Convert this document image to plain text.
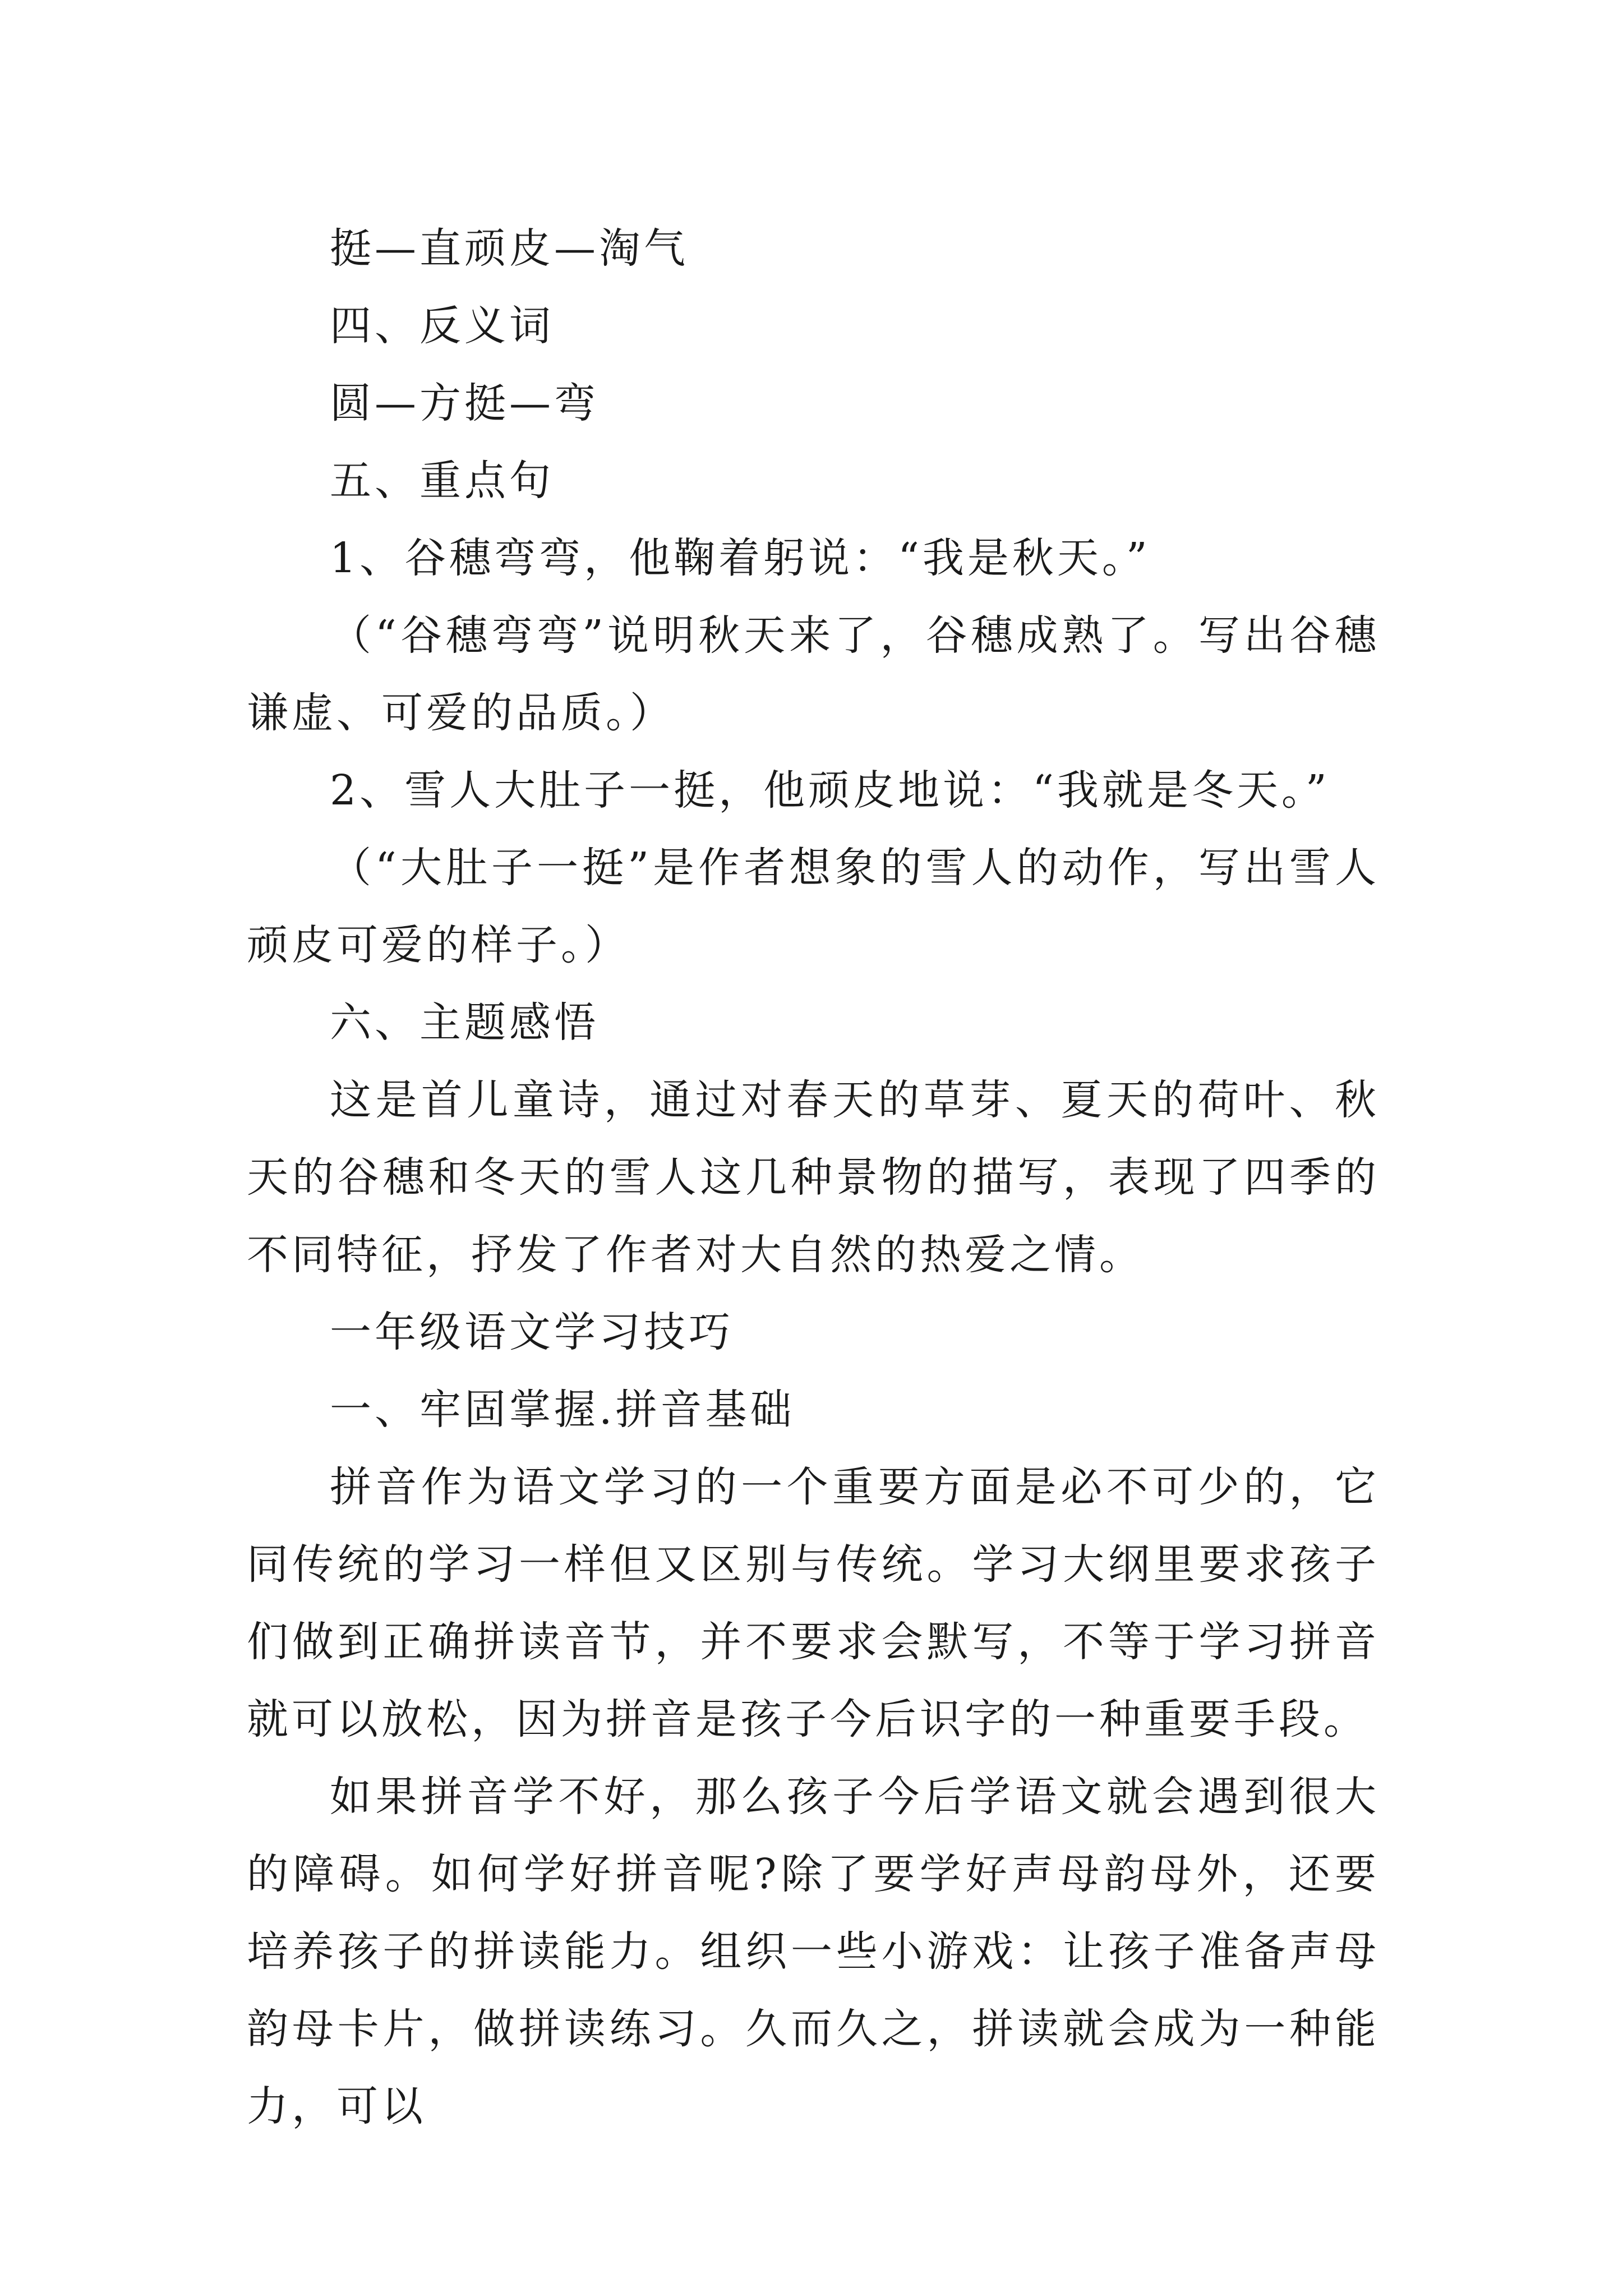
挺—直顽皮—淘气

四、反义词

圆—方挺—弯

五、重点句

1、谷穗弯弯，他鞠着躬说：“我是秋天。”

（“谷穗弯弯”说明秋天来了，谷穗成熟了。写出谷穗谦虚、可爱的品质。）

2、雪人大肚子一挺，他顽皮地说：“我就是冬天。”

（“大肚子一挺”是作者想象的雪人的动作，写出雪人顽皮可爱的样子。）

六、主题感悟

这是首儿童诗，通过对春天的草芽、夏天的荷叶、秋天的谷穗和冬天的雪人这几种景物的描写，表现了四季的不同特征，抒发了作者对大自然的热爱之情。

一年级语文学习技巧

一、牢固掌握.拼音基础

拼音作为语文学习的一个重要方面是必不可少的，它同传统的学习一样但又区别与传统。学习大纲里要求孩子们做到正确拼读音节，并不要求会默写，不等于学习拼音就可以放松，因为拼音是孩子今后识字的一种重要手段。

如果拼音学不好，那么孩子今后学语文就会遇到很大的障碍。如何学好拼音呢?除了要学好声母韵母外，还要培养孩子的拼读能力。组织一些小游戏：让孩子准备声母韵母卡片，做拼读练习。久而久之，拼读就会成为一种能力，可以
